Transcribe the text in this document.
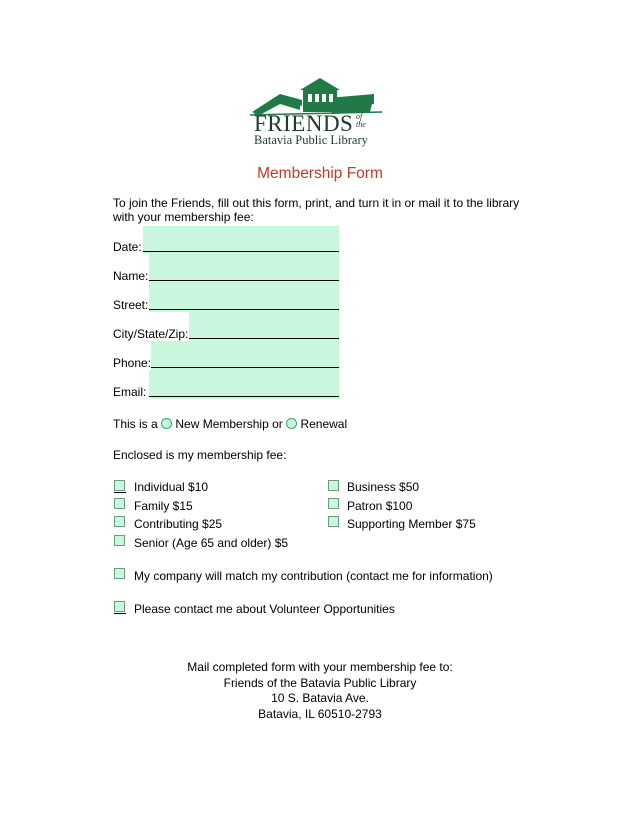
FRIENDS of the
Batavia Public Library
Membership Form
To join the Friends, fill out this form, print, and turn it in or mail it to the library with your membership fee:
Date:
Name:
Street:
City/State/Zip:
Phone:
Email:
This is a New Membership or Renewal
Enclosed is my membership fee:
Individual $10
Family $15
Contributing $25
Senior (Age 65 and older) $5
Business $50
Patron $100
Supporting Member $75
My company will match my contribution (contact me for information)
Please contact me about Volunteer Opportunities
Mail completed form with your membership fee to:
Friends of the Batavia Public Library
10 S. Batavia Ave.
Batavia, IL 60510-2793
